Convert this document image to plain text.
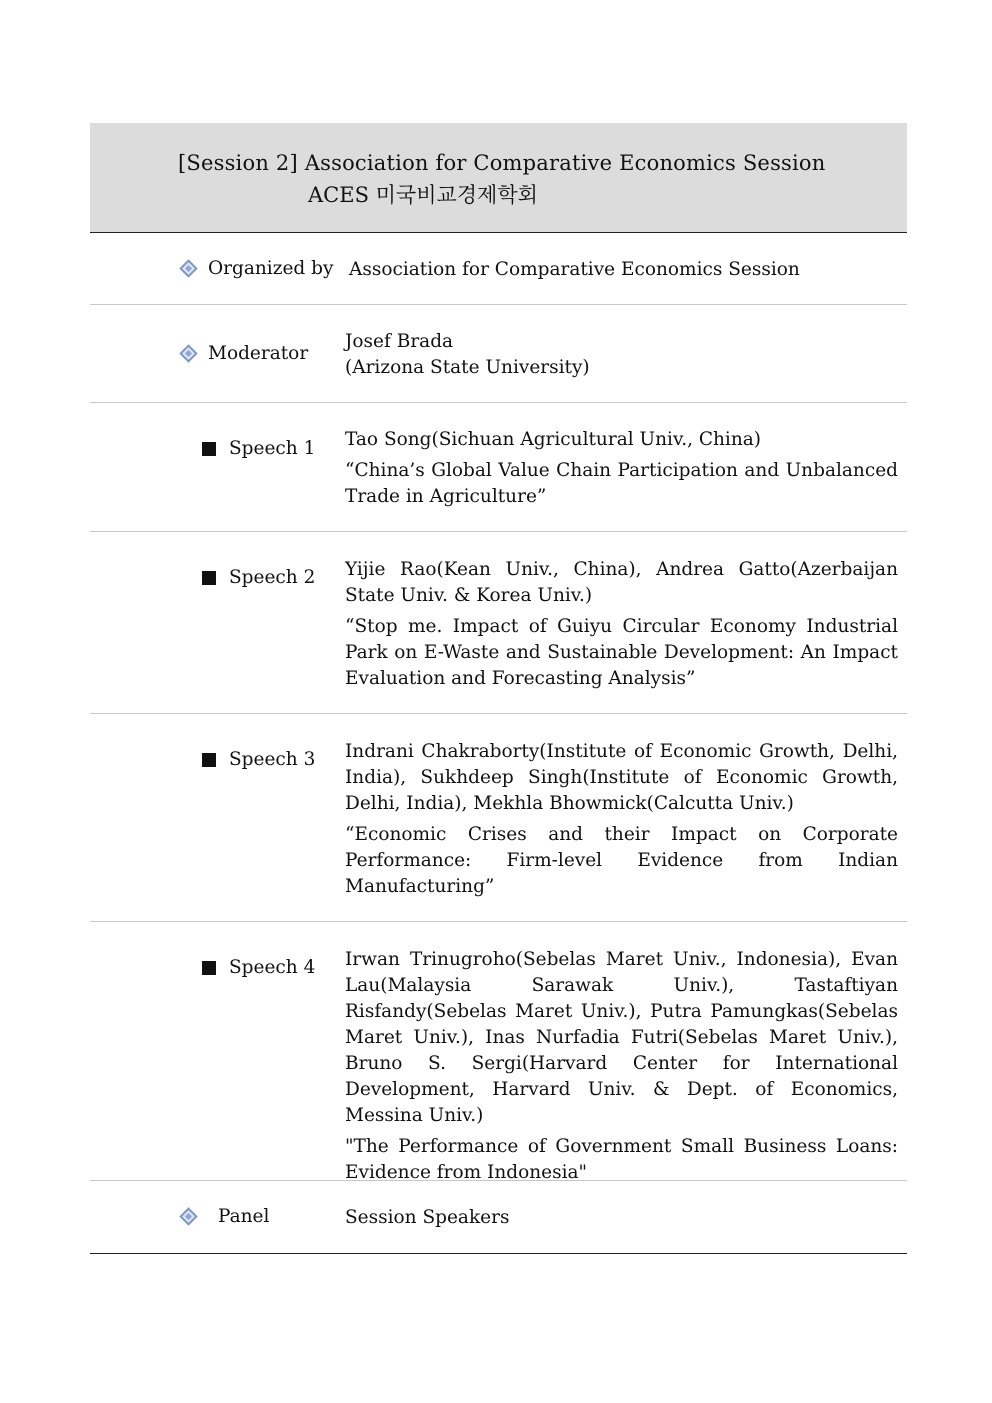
[Session 2] Association for Comparative Economics Session
ACES 미국비교경제학회
Organized by Association for Comparative Economics Session

Moderator
Josef Brada
(Arizona State University)
Speech 1 Tao Song(Sichuan Agricultural Univ., China)

“China’s Global Value Chain Participation and Unbalanced Trade in Agriculture”

Speech 2 Yijie Rao(Kean Univ., China), Andrea Gatto(Azerbaijan State Univ. & Korea Univ.)

“Stop me. Impact of Guiyu Circular Economy Industrial Park on E-Waste and Sustainable Development: An Impact Evaluation and Forecasting Analysis”

Speech 3 Indrani Chakraborty(Institute of Economic Growth, Delhi, India), Sukhdeep Singh(Institute of Economic Growth, Delhi, India), Mekhla Bhowmick(Calcutta Univ.)

“Economic Crises and their Impact on Corporate Performance: Firm-level Evidence from Indian Manufacturing”

Speech 4 Irwan Trinugroho(Sebelas Maret Univ., Indonesia), Evan Lau(Malaysia Sarawak Univ.), Tastaftiyan Risfandy(Sebelas Maret Univ.), Putra Pamungkas(Sebelas Maret Univ.), Inas Nurfadia Futri(Sebelas Maret Univ.), Bruno S. Sergi(Harvard Center for International Development, Harvard Univ. & Dept. of Economics, Messina Univ.)

"The Performance of Government Small Business Loans: Evidence from Indonesia"

Panel	Session Speakers
